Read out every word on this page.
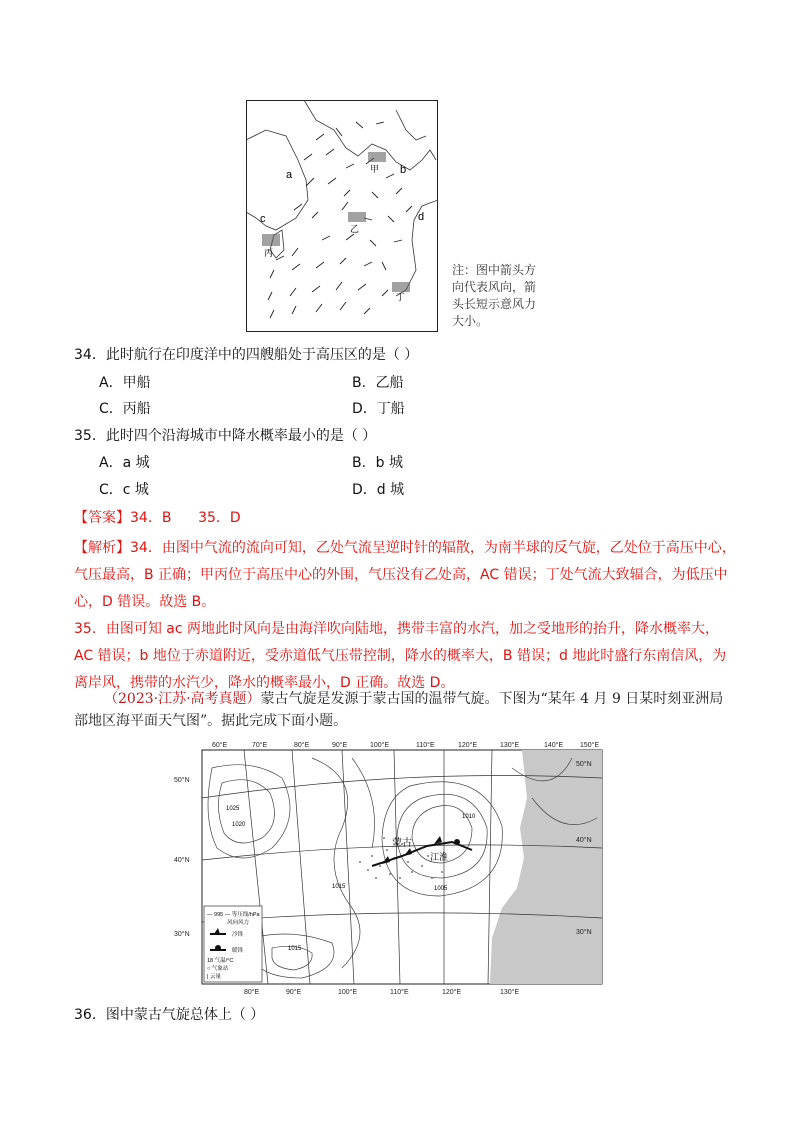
a	b
c	d
甲
乙
丙
丁
注：图中箭头方
向代表风向，箭
头长短示意风力
大小。
34．此时航行在印度洋中的四艘船处于高压区的是（ ）
A．甲船	B．乙船
C．丙船	D．丁船
35．此时四个沿海城市中降水概率最小的是（ ）
A．a 城	B．b 城
C．c 城	D．d 城
【答案】34．B      35．D
【解析】34．由图中气流的流向可知，乙处气流呈逆时针的辐散，为南半球的反气旋，乙处位于高压中心，
气压最高，B 正确；甲丙位于高压中心的外围，气压没有乙处高，AC 错误；丁处气流大致辐合，为低压中
心，D 错误。故选 B。
35．由图可知 ac 两地此时风向是由海洋吹向陆地，携带丰富的水汽，加之受地形的抬升，降水概率大，
AC 错误；b 地位于赤道附近，受赤道低气压带控制，降水的概率大，B 错误；d 地此时盛行东南信风，为
离岸风，携带的水汽少，降水的概率最小，D 正确。故选 D。
（2023·江苏·高考真题）蒙古气旋是发源于蒙古国的温带气旋。下图为“某年 4 月 9 日某时刻亚洲局
部地区海平面天气图”。据此完成下面小题。
— 995 — 等压线/hPa
风向风力
冷锋
暖锋
18 气温/°C
○ 气象站
| 云量
蒙古
江淮
1025
1020
1015
1010
1005
1015
60°E	70°E	80°E	90°E	100°E	110°E	120°E	130°E	140°E 150°E
80°E	90°E	100°E	110°E	120°E	130°E
50°N
40°N
30°N
50°N
40°N
30°N
36．图中蒙古气旋总体上（ ）
